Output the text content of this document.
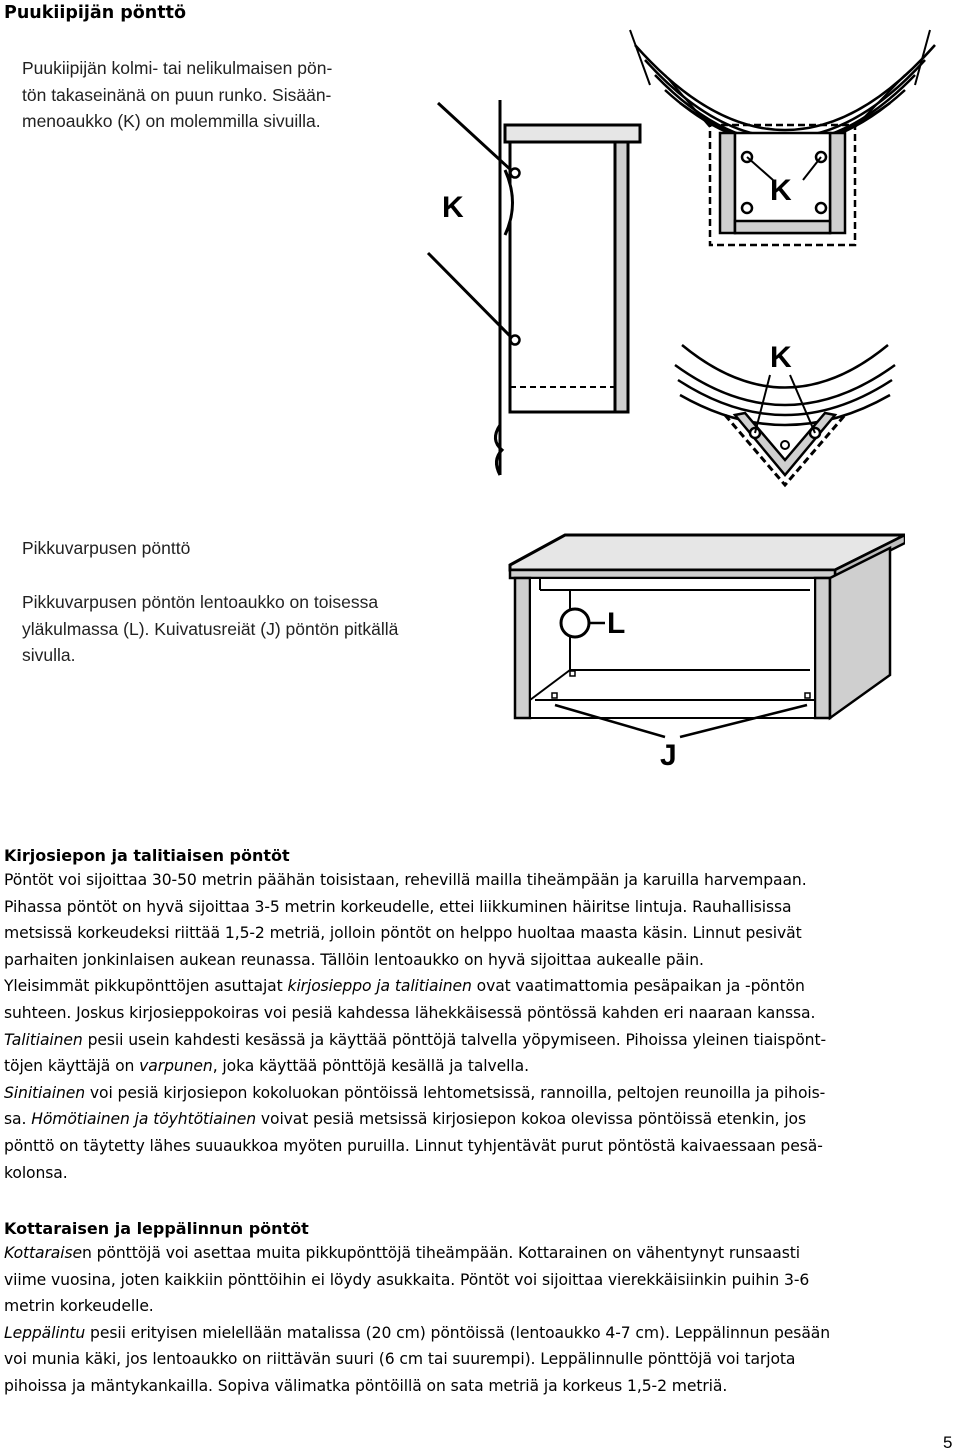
Puukiipijän pönttö
Puukiipijän kolmi- tai nelikulmaisen pön-
tön takaseinänä on puun runko. Sisään-
menoaukko (K) on molemmilla sivuilla.
K
K
K
Pikkuvarpusen pönttö
Pikkuvarpusen pöntön lentoaukko on toisessa
yläkulmassa (L). Kuivatusreiät (J) pöntön pitkällä
sivulla.
L
J
Kirjosiepon ja talitiaisen pöntöt

Pöntöt voi sijoittaa 30-50 metrin päähän toisistaan, rehevillä mailla tiheämpään ja karuilla harvempaan.

Pihassa pöntöt on hyvä sijoittaa 3-5 metrin korkeudelle, ettei liikkuminen häiritse lintuja. Rauhallisissa

metsissä korkeudeksi riittää 1,5-2 metriä, jolloin pöntöt on helppo huoltaa maasta käsin. Linnut pesivät

parhaiten jonkinlaisen aukean reunassa. Tällöin lentoaukko on hyvä sijoittaa aukealle päin.

Yleisimmät pikkupönttöjen asuttajat kirjosieppo ja talitiainen ovat vaatimattomia pesäpaikan ja -pöntön

suhteen. Joskus kirjosieppokoiras voi pesiä kahdessa lähekkäisessä pöntössä kahden eri naaraan kanssa.

Talitiainen pesii usein kahdesti kesässä ja käyttää pönttöjä talvella yöpymiseen. Pihoissa yleinen tiaispönt-

töjen käyttäjä on varpunen, joka käyttää pönttöjä kesällä ja talvella.

Sinitiainen voi pesiä kirjosiepon kokoluokan pöntöissä lehtometsissä, rannoilla, peltojen reunoilla ja pihois-

sa. Hömötiainen ja töyhtötiainen voivat pesiä metsissä kirjosiepon kokoa olevissa pöntöissä etenkin, jos

pönttö on täytetty lähes suuaukkoa myöten puruilla. Linnut tyhjentävät purut pöntöstä kaivaessaan pesä-

kolonsa.

Kottaraisen ja leppälinnun pöntöt

Kottaraisen pönttöjä voi asettaa muita pikkupönttöjä tiheämpään. Kottarainen on vähentynyt runsaasti

viime vuosina, joten kaikkiin pönttöihin ei löydy asukkaita. Pöntöt voi sijoittaa vierekkäisiinkin puihin 3-6

metrin korkeudelle.

Leppälintu pesii erityisen mielellään matalissa (20 cm) pöntöissä (lentoaukko 4-7 cm). Leppälinnun pesään

voi munia käki, jos lentoaukko on riittävän suuri (6 cm tai suurempi). Leppälinnulle pönttöjä voi tarjota

pihoissa ja mäntykankailla. Sopiva välimatka pöntöillä on sata metriä ja korkeus 1,5-2 metriä.

5
